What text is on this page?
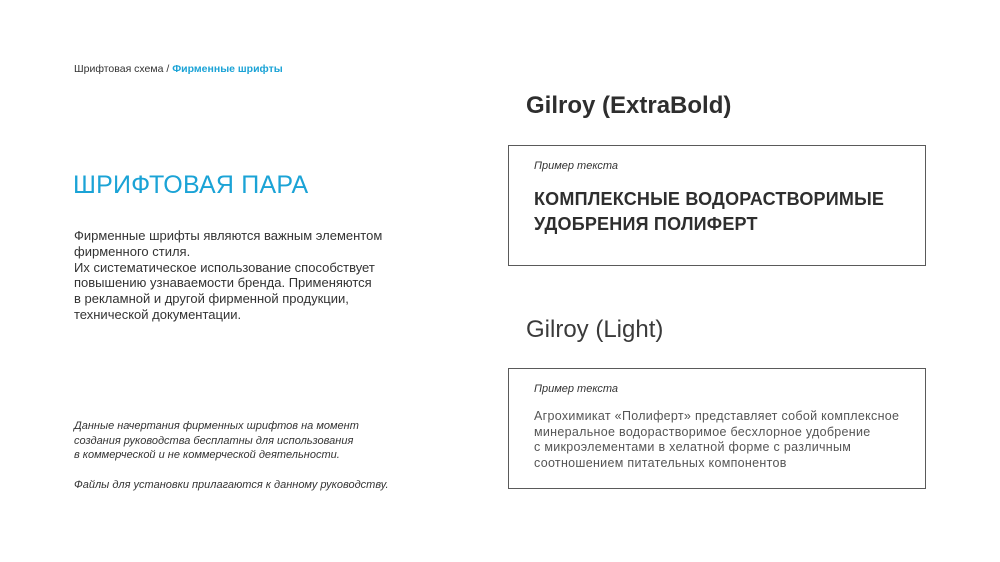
Шрифтовая схема / Фирменные шрифты
ШРИФТОВАЯ ПАРА

Фирменные шрифты являются важным элементом

фирменного стиля.

Их систематическое использование способствует

повышению узнаваемости бренда. Применяются

в рекламной и другой фирменной продукции,

технической документации.

Данные начертания фирменных шрифтов на момент

создания руководства бесплатны для использования

в коммерческой и не коммерческой деятельности.

Файлы для установки прилагаются к данному руководству.

Gilroy (ExtraBold)
Пример текста

КОМПЛЕКСНЫЕ ВОДОРАСТВОРИМЫЕ

УДОБРЕНИЯ ПОЛИФЕРТ

Gilroy (Light)
Пример текста

Агрохимикат «Полиферт» представляет собой комплексное

минеральное водорастворимое бесхлорное удобрение

с микроэлементами в хелатной форме с различным

соотношением питательных компонентов
